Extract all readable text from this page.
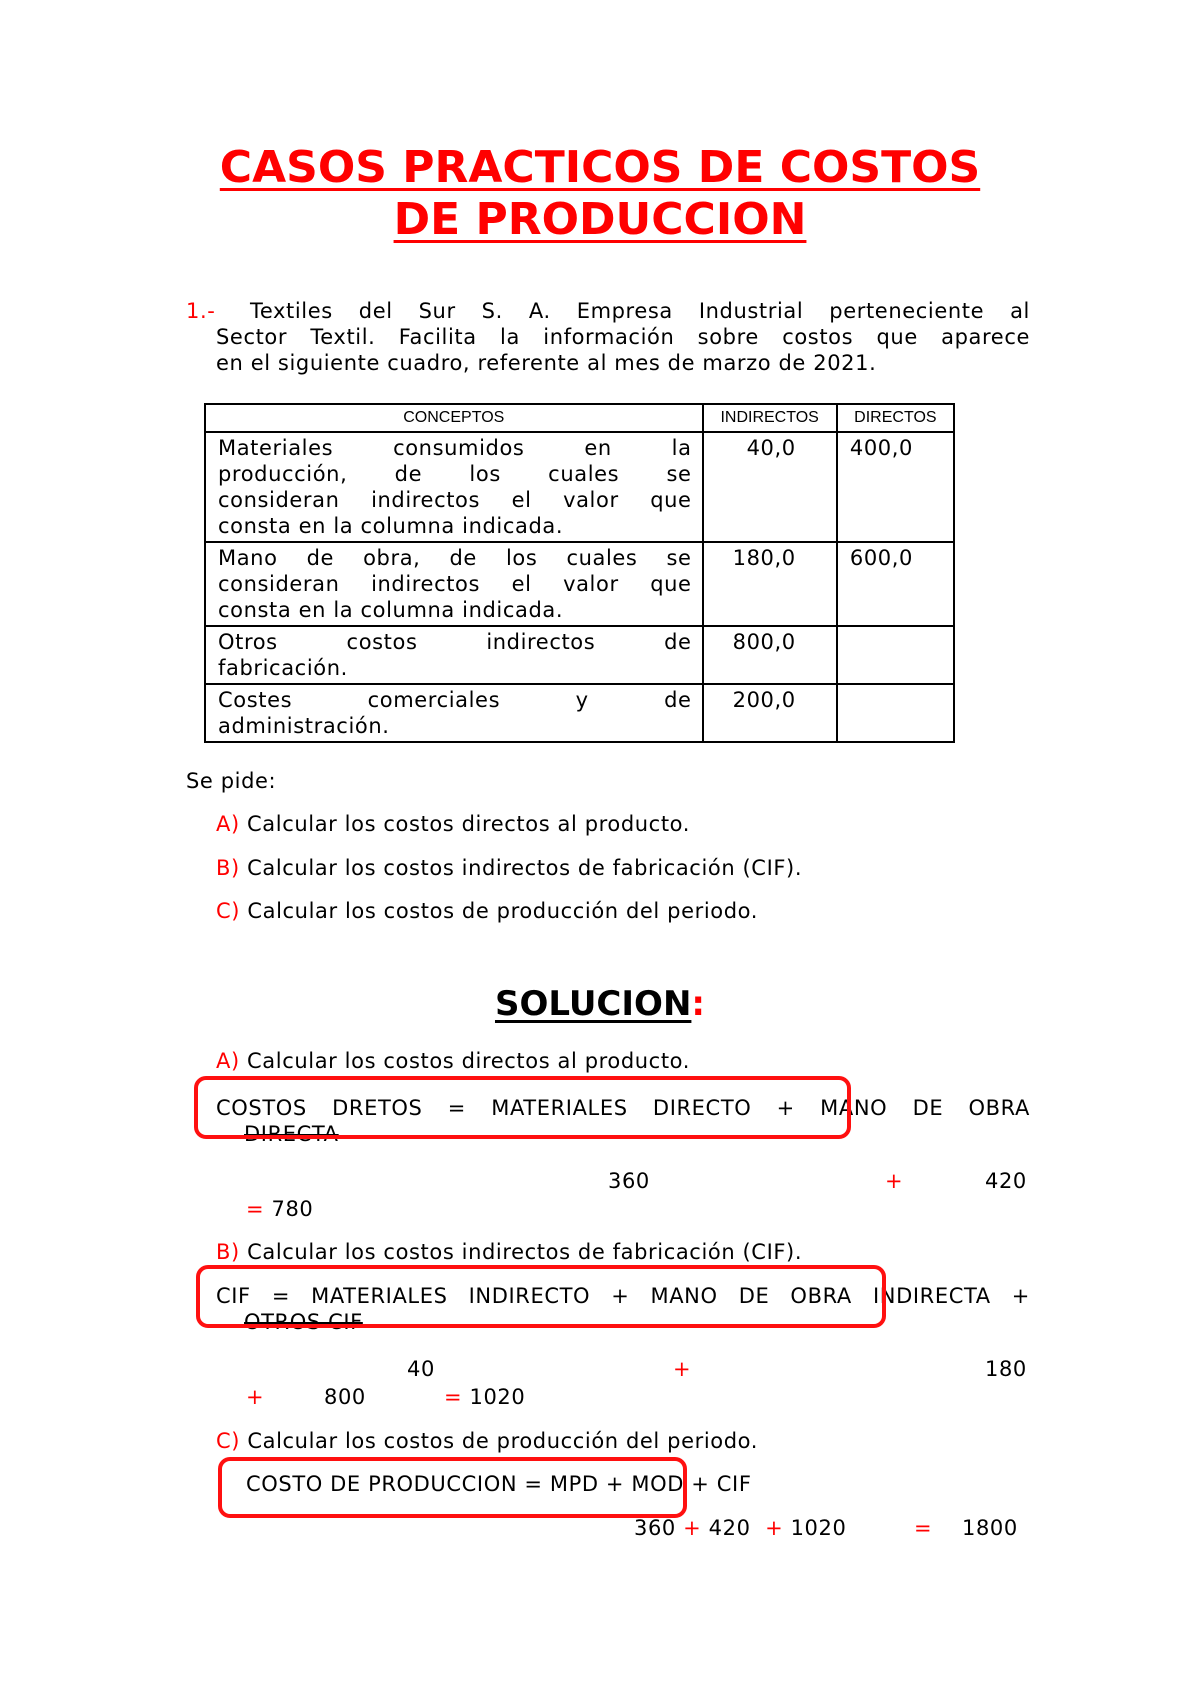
CASOS PRACTICOS DE COSTOS
DE PRODUCCION
1.- Textiles del Sur S. A. Empresa Industrial perteneciente al
Sector Textil. Facilita la información sobre costos que aparece
en el siguiente cuadro, referente al mes de marzo de 2021.
CONCEPTOS	INDIRECTOS	DIRECTOS

Materiales consumidos en la
producción, de los cuales se
consideran indirectos el valor que
consta en la columna indicada.	40,0	400,0

Mano de obra, de los cuales se
consideran indirectos el valor que
consta en la columna indicada.	180,0	600,0

Otros costos indirectos de
fabricación.	800,0	

Costes comerciales y de
administración.	200,0	
Se pide:
A) Calcular los costos directos al producto.
B) Calcular los costos indirectos de fabricación (CIF).
C) Calcular los costos de producción del periodo.
SOLUCION:
A) Calcular los costos directos al producto.
COSTOS DRETOS = MATERIALES DIRECTO + MANO DE OBRA
DIRECTA
360	+	420
= 780
B) Calcular los costos indirectos de fabricación (CIF).
CIF = MATERIALES INDIRECTO + MANO DE OBRA INDIRECTA +
OTROS CIF
40	+	180
+	800	= 1020
C) Calcular los costos de producción del periodo.
COSTO DE PRODUCCION = MPD + MOD + CIF
360 + 420 + 1020	= 1800
